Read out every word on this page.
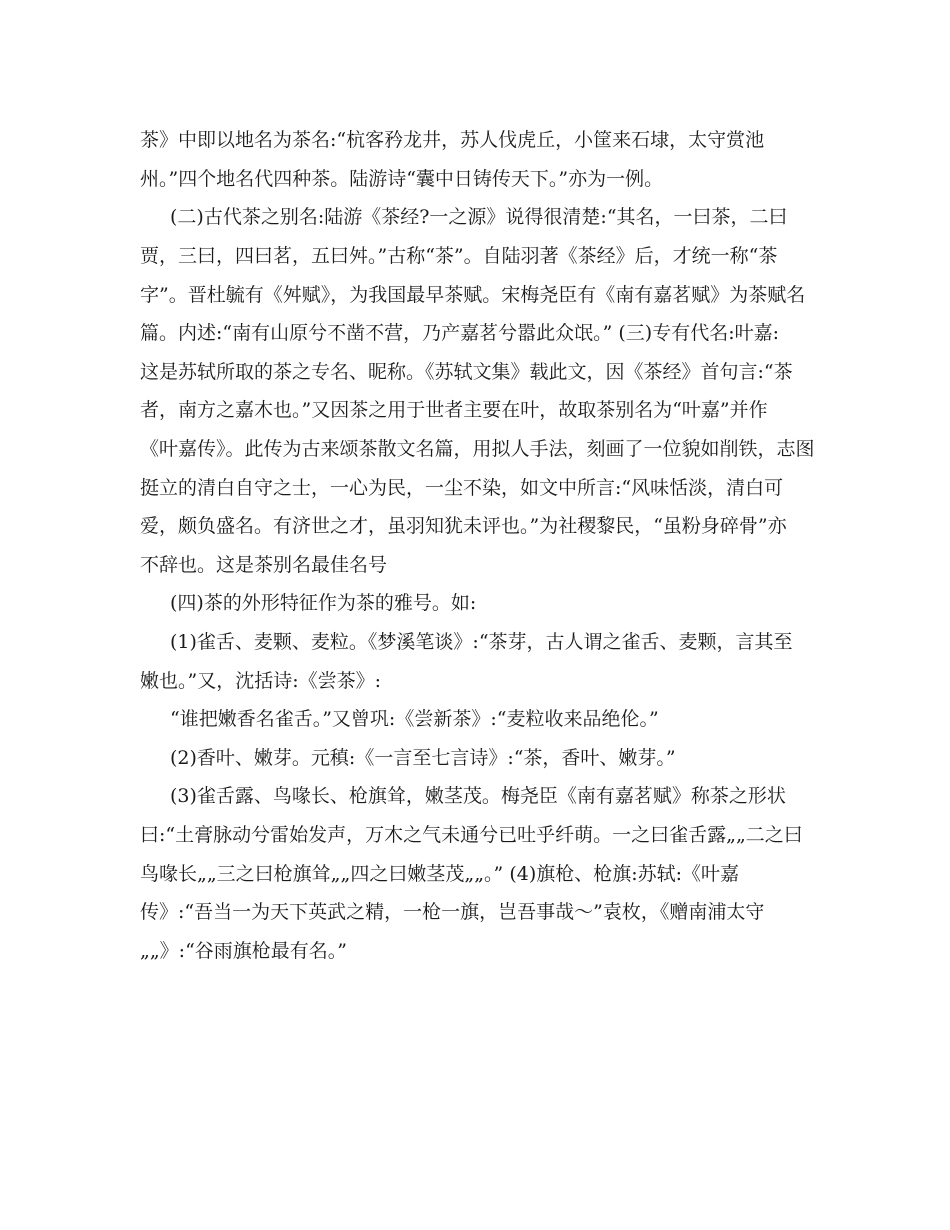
茶》中即以地名为茶名:“杭客矜龙井，苏人伐虎丘，小筐来石埭，太守赏池

州。”四个地名代四种茶。陆游诗“囊中日铸传天下。”亦为一例。

(二)古代茶之别名:陆游《茶经?一之源》说得很清楚:“其名，一曰茶，二曰

贾，三曰，四曰茗，五曰舛。”古称“茶”。自陆羽著《茶经》后，才统一称“茶

字”。晋杜毓有《舛赋》，为我国最早茶赋。宋梅尧臣有《南有嘉茗赋》为茶赋名

篇。内述:“南有山原兮不凿不营，乃产嘉茗兮嚣此众氓。” (三)专有代名:叶嘉:

这是苏轼所取的茶之专名、昵称。《苏轼文集》载此文，因《茶经》首句言:“茶

者，南方之嘉木也。”又因茶之用于世者主要在叶，故取茶别名为“叶嘉”并作

《叶嘉传》。此传为古来颂茶散文名篇，用拟人手法，刻画了一位貌如削铁，志图

挺立的清白自守之士，一心为民，一尘不染，如文中所言:“风味恬淡，清白可

爱，颇负盛名。有济世之才，虽羽知犹未评也。”为社稷黎民，“虽粉身碎骨”亦

不辞也。这是茶别名最佳名号

(四)茶的外形特征作为茶的雅号。如:

(1)雀舌、麦颗、麦粒。《梦溪笔谈》:“茶芽，古人谓之雀舌、麦颗，言其至

嫩也。”又，沈括诗:《尝茶》:

“谁把嫩香名雀舌。”又曾巩:《尝新茶》:“麦粒收来品绝伦。”

(2)香叶、嫩芽。元稹:《一言至七言诗》:“茶，香叶、嫩芽。”

(3)雀舌露、鸟喙长、枪旗耸，嫩茎茂。梅尧臣《南有嘉茗赋》称茶之形状

曰:“土膏脉动兮雷始发声，万木之气未通兮已吐乎纤萌。一之曰雀舌露„„二之曰

鸟喙长„„三之曰枪旗耸„„四之曰嫩茎茂„„。” (4)旗枪、枪旗:苏轼:《叶嘉

传》:“吾当一为天下英武之精，一枪一旗，岂吾事哉～”袁枚，《赠南浦太守

„„》:“谷雨旗枪最有名。”
